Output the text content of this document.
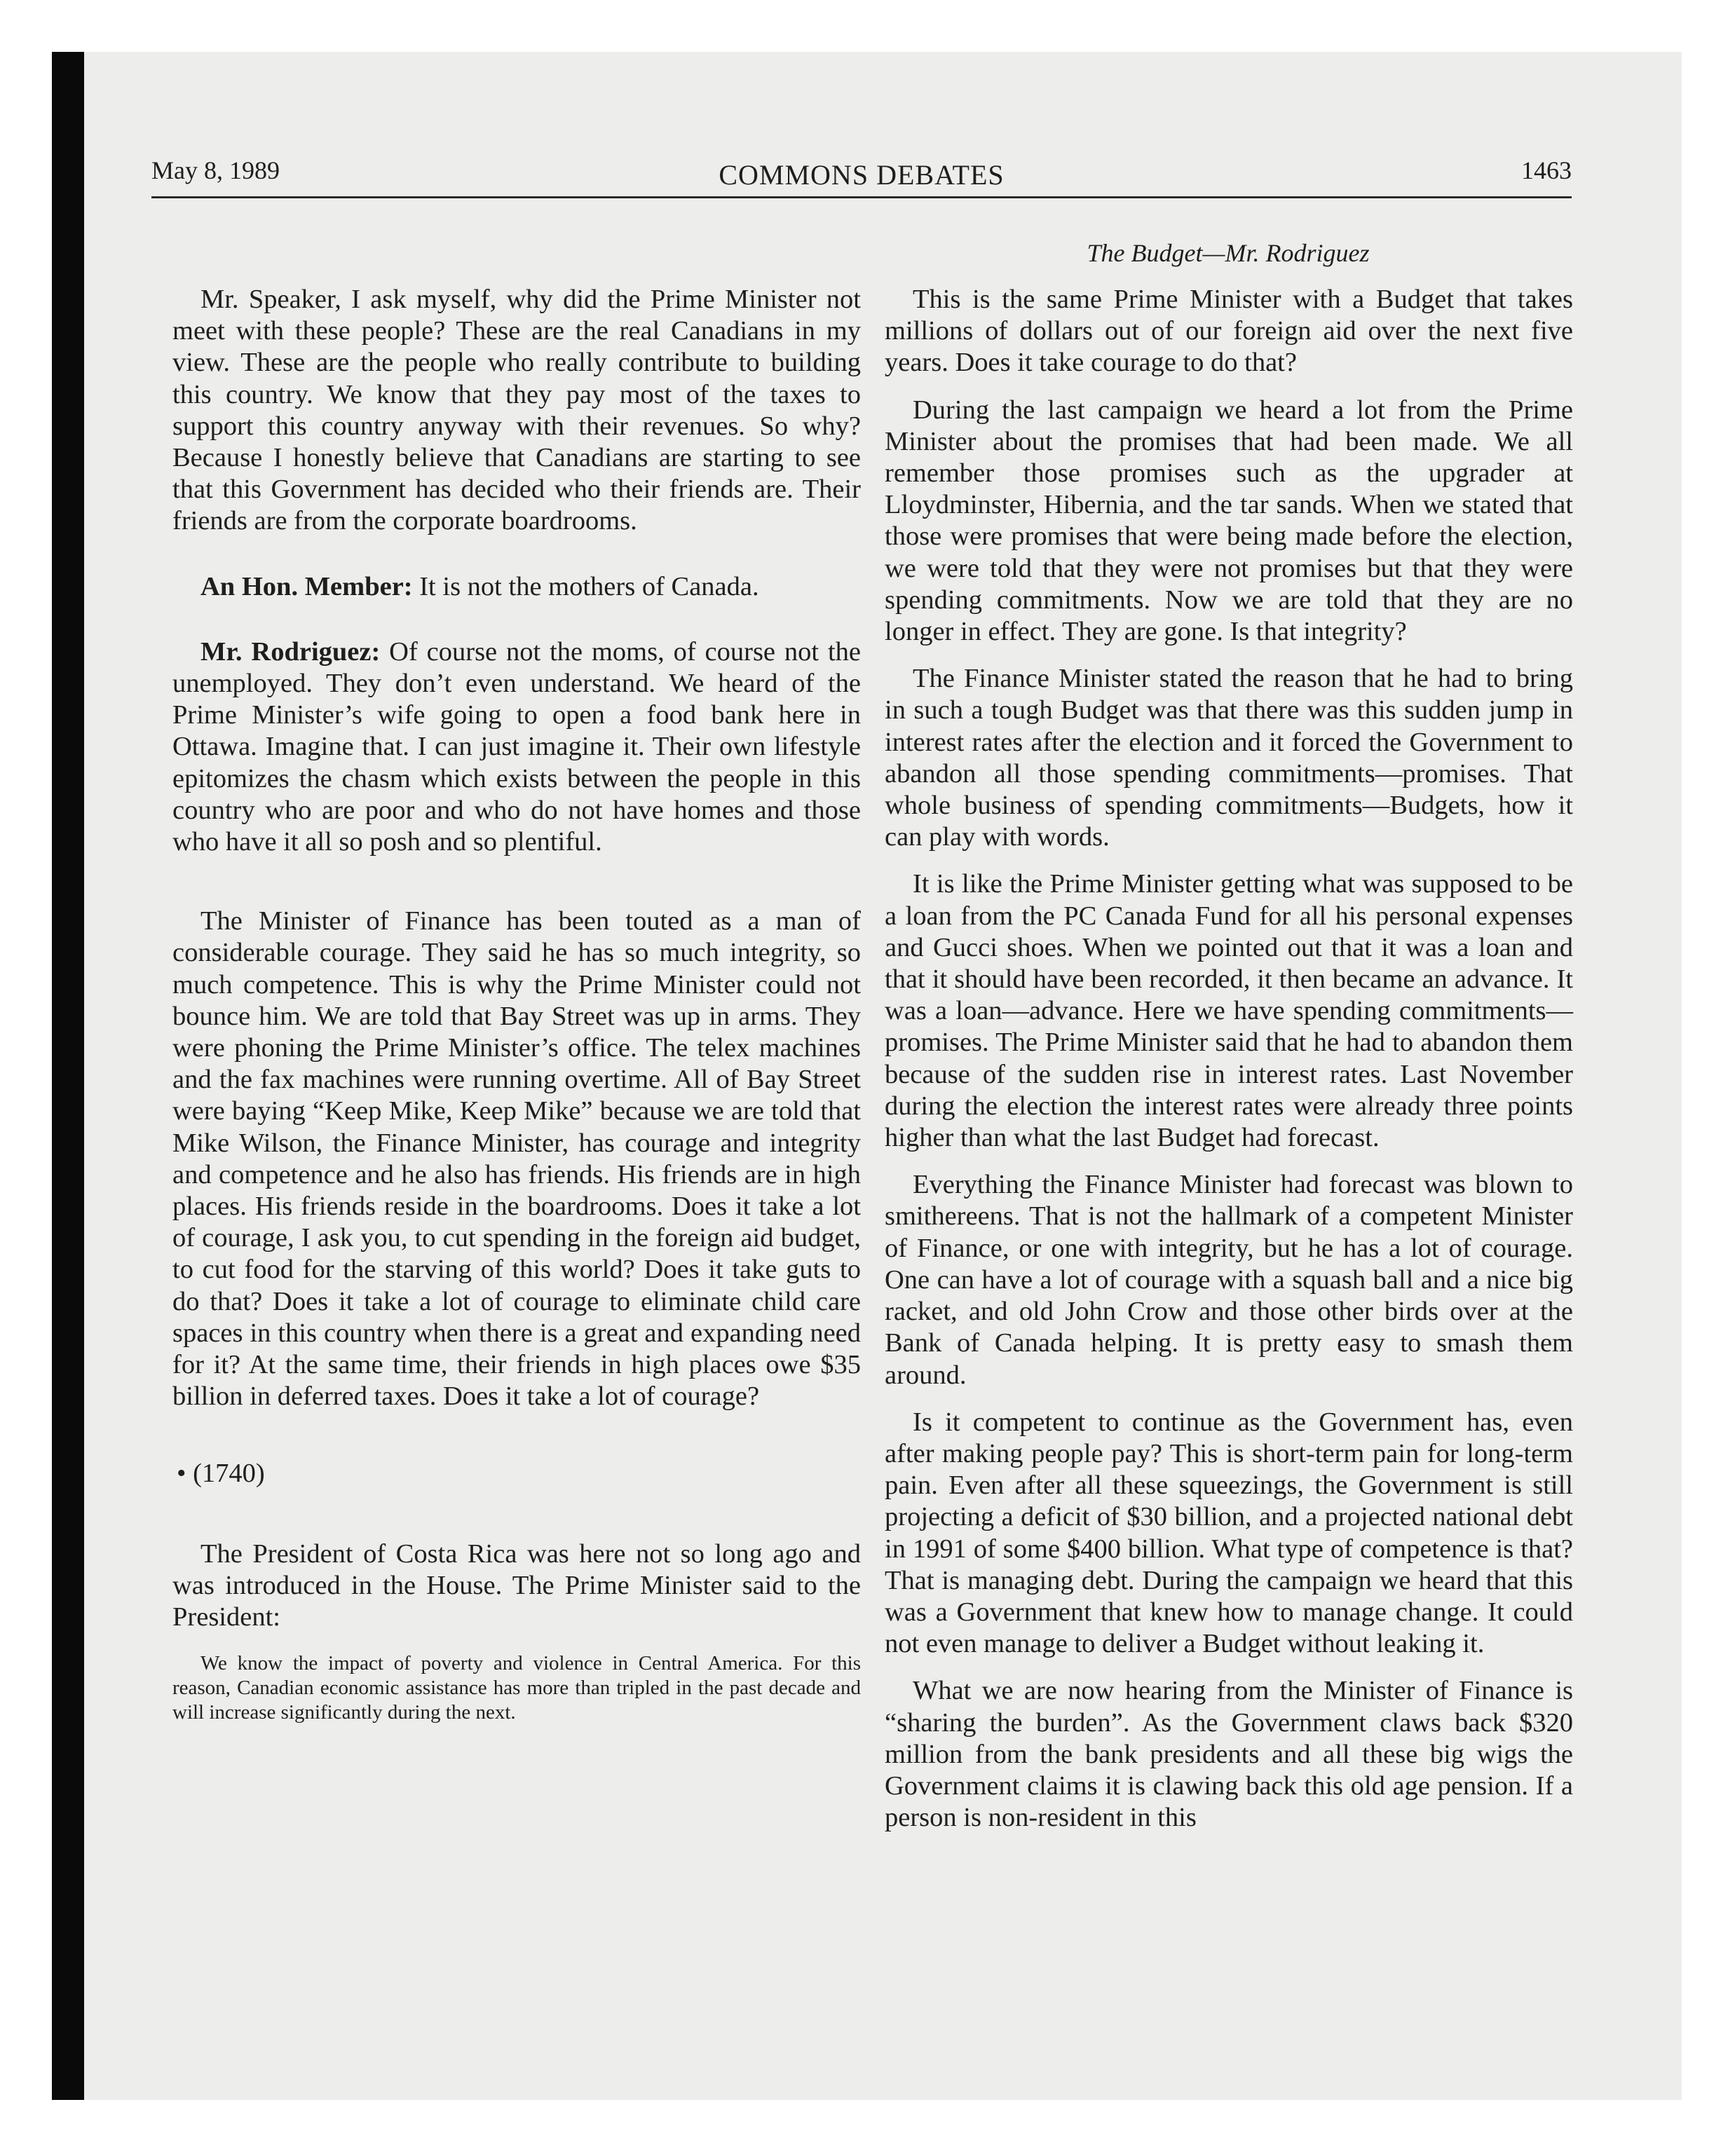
May 8, 1989	COMMONS DEBATES	1463
The Budget—Mr. Rodriguez

Mr. Speaker, I ask myself, why did the Prime Minister not meet with these people? These are the real Canadians in my view. These are the people who really contribute to building this country. We know that they pay most of the taxes to support this country anyway with their revenues. So why? Because I honestly believe that Canadians are starting to see that this Government has decided who their friends are. Their friends are from the corporate boardrooms.

An Hon. Member: It is not the mothers of Canada.

Mr. Rodriguez: Of course not the moms, of course not the unemployed. They don’t even understand. We heard of the Prime Minister’s wife going to open a food bank here in Ottawa. Imagine that. I can just imagine it. Their own lifestyle epitomizes the chasm which exists between the people in this country who are poor and who do not have homes and those who have it all so posh and so plentiful.

The Minister of Finance has been touted as a man of considerable courage. They said he has so much integrity, so much competence. This is why the Prime Minister could not bounce him. We are told that Bay Street was up in arms. They were phoning the Prime Minister’s office. The telex machines and the fax machines were running overtime. All of Bay Street were baying “Keep Mike, Keep Mike” because we are told that Mike Wilson, the Finance Minister, has courage and integrity and competence and he also has friends. His friends are in high places. His friends reside in the boardrooms. Does it take a lot of courage, I ask you, to cut spending in the foreign aid budget, to cut food for the starving of this world? Does it take guts to do that? Does it take a lot of courage to eliminate child care spaces in this country when there is a great and expanding need for it? At the same time, their friends in high places owe $35 billion in deferred taxes. Does it take a lot of courage?

• (1740)

The President of Costa Rica was here not so long ago and was introduced in the House. The Prime Minister said to the President:

We know the impact of poverty and violence in Central America. For this reason, Canadian economic assistance has more than tripled in the past decade and will increase significantly during the next.

This is the same Prime Minister with a Budget that takes millions of dollars out of our foreign aid over the next five years. Does it take courage to do that?

During the last campaign we heard a lot from the Prime Minister about the promises that had been made. We all remember those promises such as the upgrader at Lloydminster, Hibernia, and the tar sands. When we stated that those were promises that were being made before the election, we were told that they were not promises but that they were spending commitments. Now we are told that they are no longer in effect. They are gone. Is that integrity?

The Finance Minister stated the reason that he had to bring in such a tough Budget was that there was this sudden jump in interest rates after the election and it forced the Government to abandon all those spending commitments—promises. That whole business of spending commitments—Budgets, how it can play with words.

It is like the Prime Minister getting what was supposed to be a loan from the PC Canada Fund for all his personal expenses and Gucci shoes. When we pointed out that it was a loan and that it should have been recorded, it then became an advance. It was a loan—advance. Here we have spending commitments—promises. The Prime Minister said that he had to abandon them because of the sudden rise in interest rates. Last November during the election the interest rates were already three points higher than what the last Budget had forecast.

Everything the Finance Minister had forecast was blown to smithereens. That is not the hallmark of a competent Minister of Finance, or one with integrity, but he has a lot of courage. One can have a lot of courage with a squash ball and a nice big racket, and old John Crow and those other birds over at the Bank of Canada helping. It is pretty easy to smash them around.

Is it competent to continue as the Government has, even after making people pay? This is short-term pain for long-term pain. Even after all these squeezings, the Government is still projecting a deficit of $30 billion, and a projected national debt in 1991 of some $400 billion. What type of competence is that? That is managing debt. During the campaign we heard that this was a Government that knew how to manage change. It could not even manage to deliver a Budget without leaking it.

What we are now hearing from the Minister of Finance is “sharing the burden”. As the Government claws back $320 million from the bank presidents and all these big wigs the Government claims it is clawing back this old age pension. If a person is non-resident in this
